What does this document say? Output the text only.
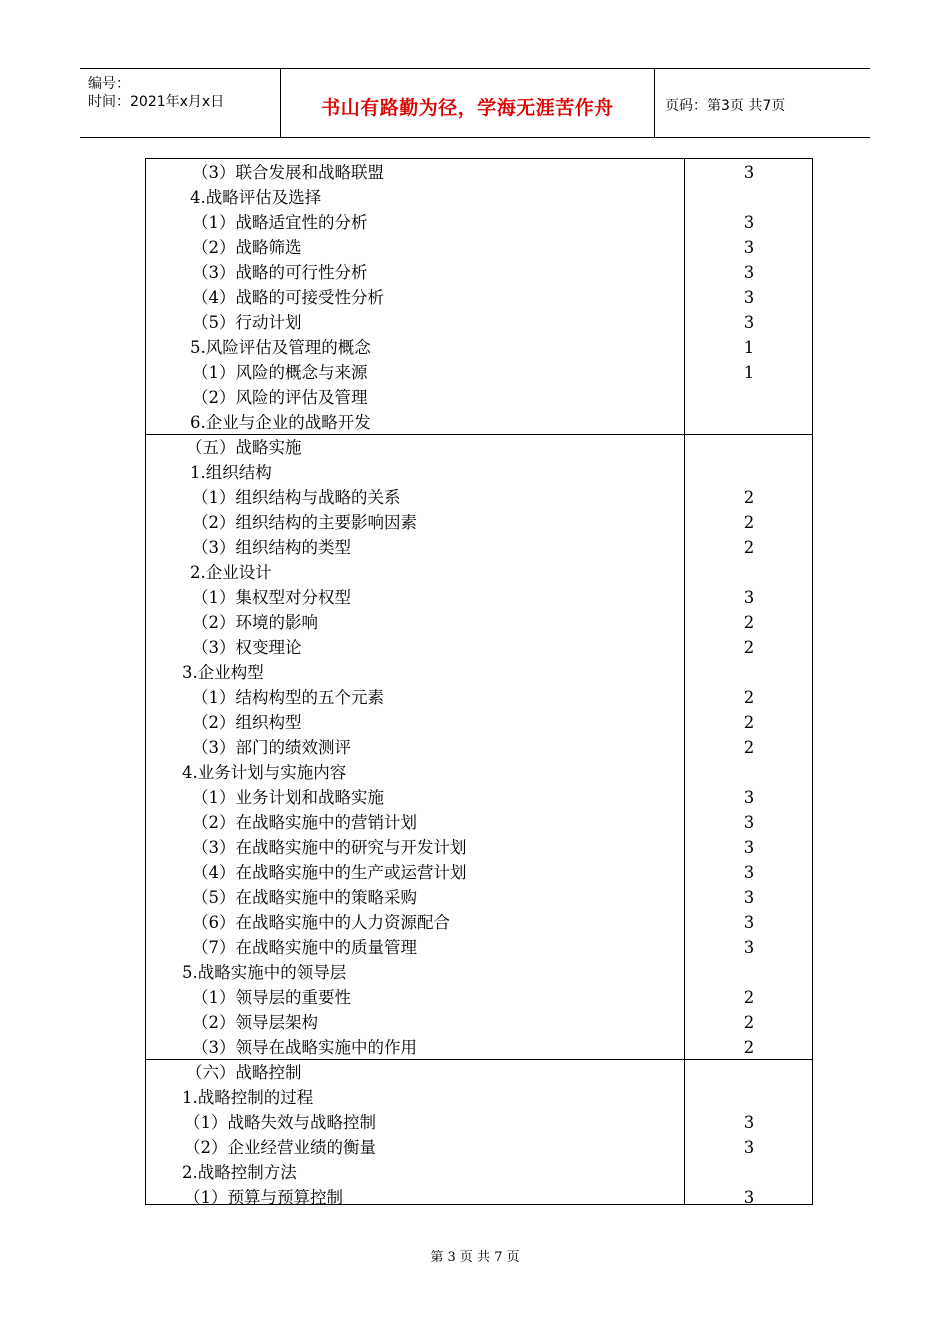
编号：
时间：2021年x月x日	书山有路勤为径，学海无涯苦作舟	页码：第3页 共7页
（3）联合发展和战略联盟	3
4.战略评估及选择
（1）战略适宜性的分析	3
（2）战略筛选	3
（3）战略的可行性分析	3
（4）战略的可接受性分析	3
（5）行动计划	3
5.风险评估及管理的概念	1
（1）风险的概念与来源	1
（2）风险的评估及管理
6.企业与企业的战略开发
（五）战略实施
1.组织结构
（1）组织结构与战略的关系	2
（2）组织结构的主要影响因素	2
（3）组织结构的类型	2
2.企业设计
（1）集权型对分权型	3
（2）环境的影响	2
（3）权变理论	2
3.企业构型
（1）结构构型的五个元素	2
（2）组织构型	2
（3）部门的绩效测评	2
4.业务计划与实施内容
（1）业务计划和战略实施	3
（2）在战略实施中的营销计划	3
（3）在战略实施中的研究与开发计划	3
（4）在战略实施中的生产或运营计划	3
（5）在战略实施中的策略采购	3
（6）在战略实施中的人力资源配合	3
（7）在战略实施中的质量管理	3
5.战略实施中的领导层
（1）领导层的重要性	2
（2）领导层架构	2
（3）领导在战略实施中的作用	2
（六）战略控制
1.战略控制的过程
（1）战略失效与战略控制	3
（2）企业经营业绩的衡量	3
2.战略控制方法
（1）预算与预算控制	3
第 3 页 共 7 页
